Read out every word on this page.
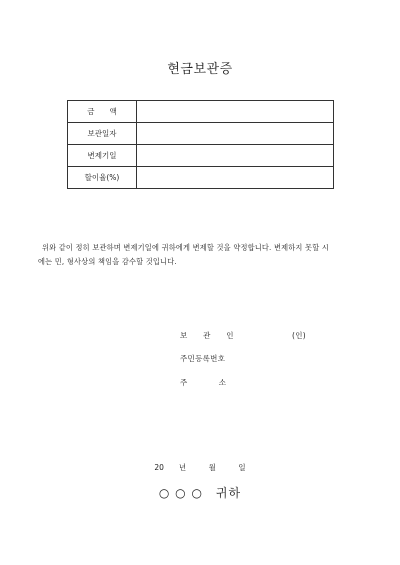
현금보관증
금　　액	
보관일자	
변제기일	
할이율(%)	
위와 같이 정히 보관하며 변제기일에 귀하에게 변제할 것을 약정합니다. 변제하지 못할 시
에는 민, 형사상의 책임을 감수할 것입니다.
보　　관　　인	(인)
주민등록번호
주　　　　소
20　　년　　　월　　　일
○ ○ ○　귀하
